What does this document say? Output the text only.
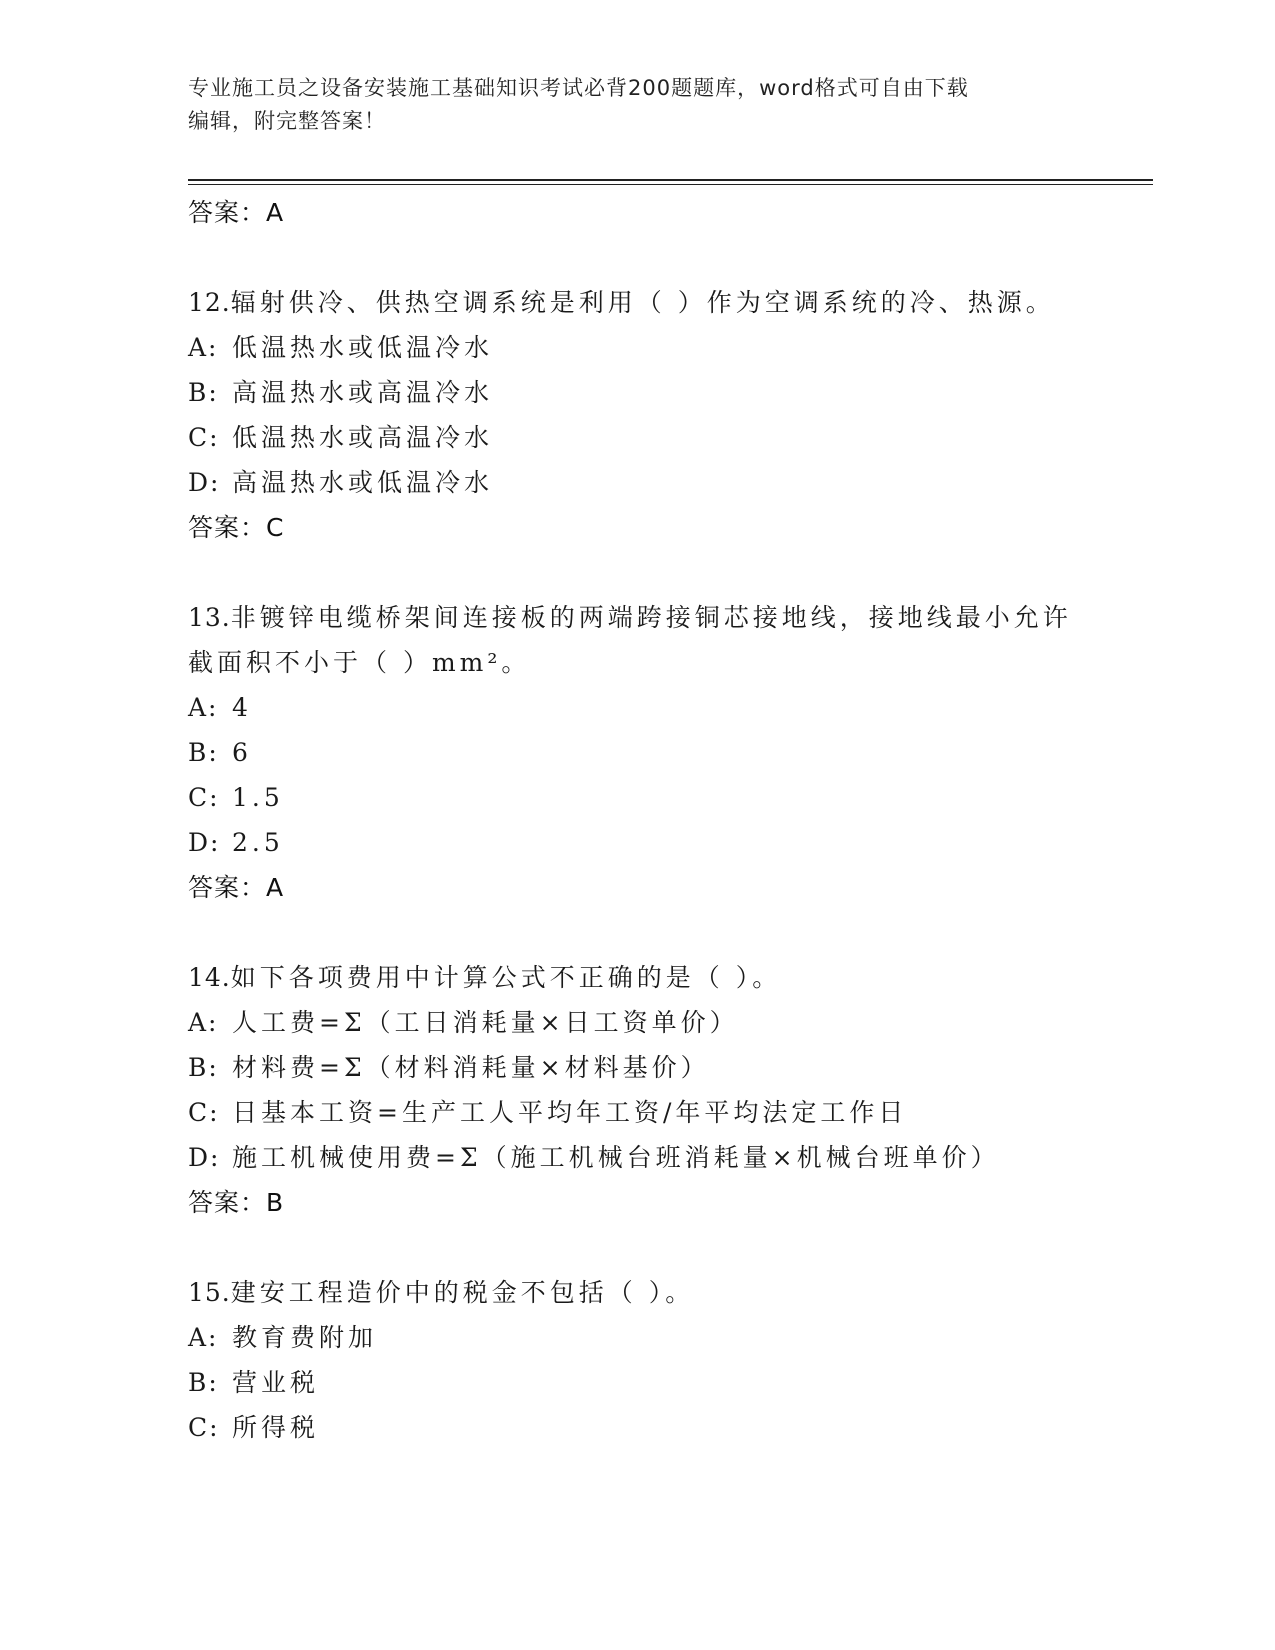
专业施工员之设备安装施工基础知识考试必背200题题库，word格式可自由下载
编辑，附完整答案！
答案：A
12.辐射供冷、供热空调系统是利用（ ）作为空调系统的冷、热源。
A: 低温热水或低温冷水
B: 高温热水或高温冷水
C: 低温热水或高温冷水
D: 高温热水或低温冷水
答案：C
13.非镀锌电缆桥架间连接板的两端跨接铜芯接地线，接地线最小允许截面积不小于（ ）mm²。
A: 4
B: 6
C: 1.5
D: 2.5
答案：A
14.如下各项费用中计算公式不正确的是（ ）。
A: 人工费=Σ（工日消耗量×日工资单价）
B: 材料费=Σ（材料消耗量×材料基价）
C: 日基本工资=生产工人平均年工资/年平均法定工作日
D: 施工机械使用费=Σ（施工机械台班消耗量×机械台班单价）
答案：B
15.建安工程造价中的税金不包括（ ）。
A: 教育费附加
B: 营业税
C: 所得税
